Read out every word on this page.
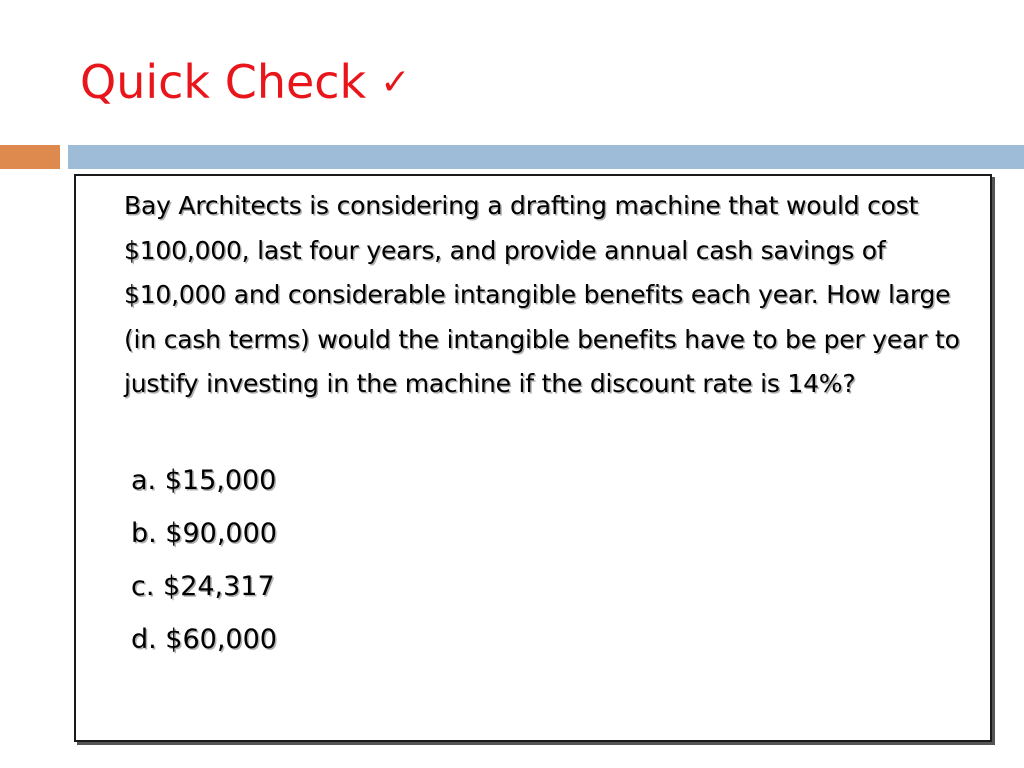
Quick Check ✓

Bay Architects is considering a drafting machine that would cost $100,000, last four years, and provide annual cash savings of $10,000 and considerable intangible benefits each year. How large (in cash terms) would the intangible benefits have to be per year to justify investing in the machine if the discount rate is 14%?

a. $15,000
b. $90,000
c. $24,317
d. $60,000
